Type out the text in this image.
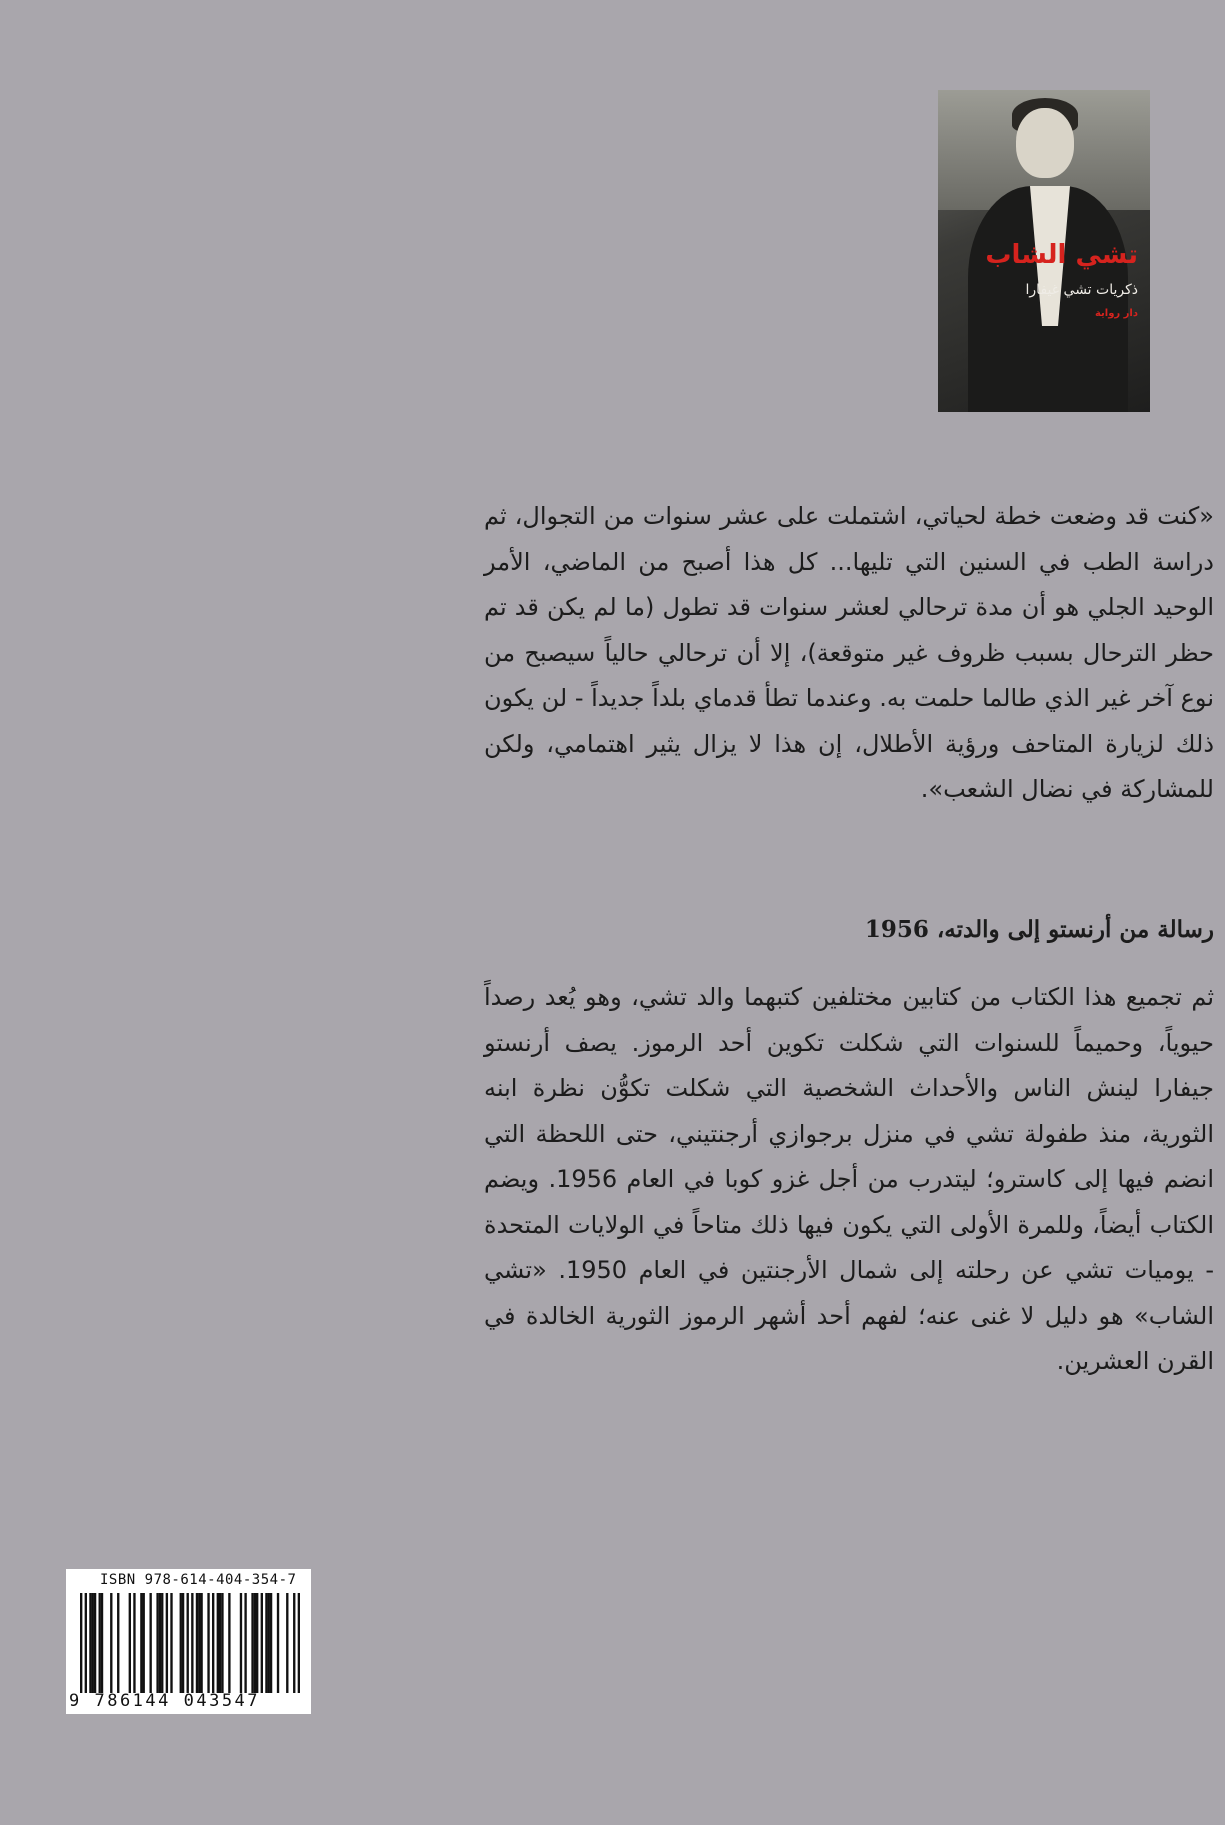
تشي الشاب
ذكريات تشي غيفارا
دار رواية

«كنت قد وضعت خطة لحياتي، اشتملت على عشر سنوات من التجوال، ثم دراسة الطب في السنين التي تليها... كل هذا أصبح من الماضي، الأمر الوحيد الجلي هو أن مدة ترحالي لعشر سنوات قد تطول (ما لم يكن قد تم حظر الترحال بسبب ظروف غير متوقعة)، إلا أن ترحالي حالياً سيصبح من نوع آخر غير الذي طالما حلمت به. وعندما تطأ قدماي بلداً جديداً - لن يكون ذلك لزيارة المتاحف ورؤية الأطلال، إن هذا لا يزال يثير اهتمامي، ولكن للمشاركة في نضال الشعب».

رسالة من أرنستو إلى والدته، 1956

ثم تجميع هذا الكتاب من كتابين مختلفين كتبهما والد تشي، وهو يُعد رصداً حيوياً، وحميماً للسنوات التي شكلت تكوين أحد الرموز. يصف أرنستو جيفارا لينش الناس والأحداث الشخصية التي شكلت تكوُّن نظرة ابنه الثورية، منذ طفولة تشي في منزل برجوازي أرجنتيني، حتى اللحظة التي انضم فيها إلى كاسترو؛ ليتدرب من أجل غزو كوبا في العام 1956. ويضم الكتاب أيضاً، وللمرة الأولى التي يكون فيها ذلك متاحاً في الولايات المتحدة - يوميات تشي عن رحلته إلى شمال الأرجنتين في العام 1950. «تشي الشاب» هو دليل لا غنى عنه؛ لفهم أحد أشهر الرموز الثورية الخالدة في القرن العشرين.

ISBN 978-614-404-354-7
9 786144 043547
